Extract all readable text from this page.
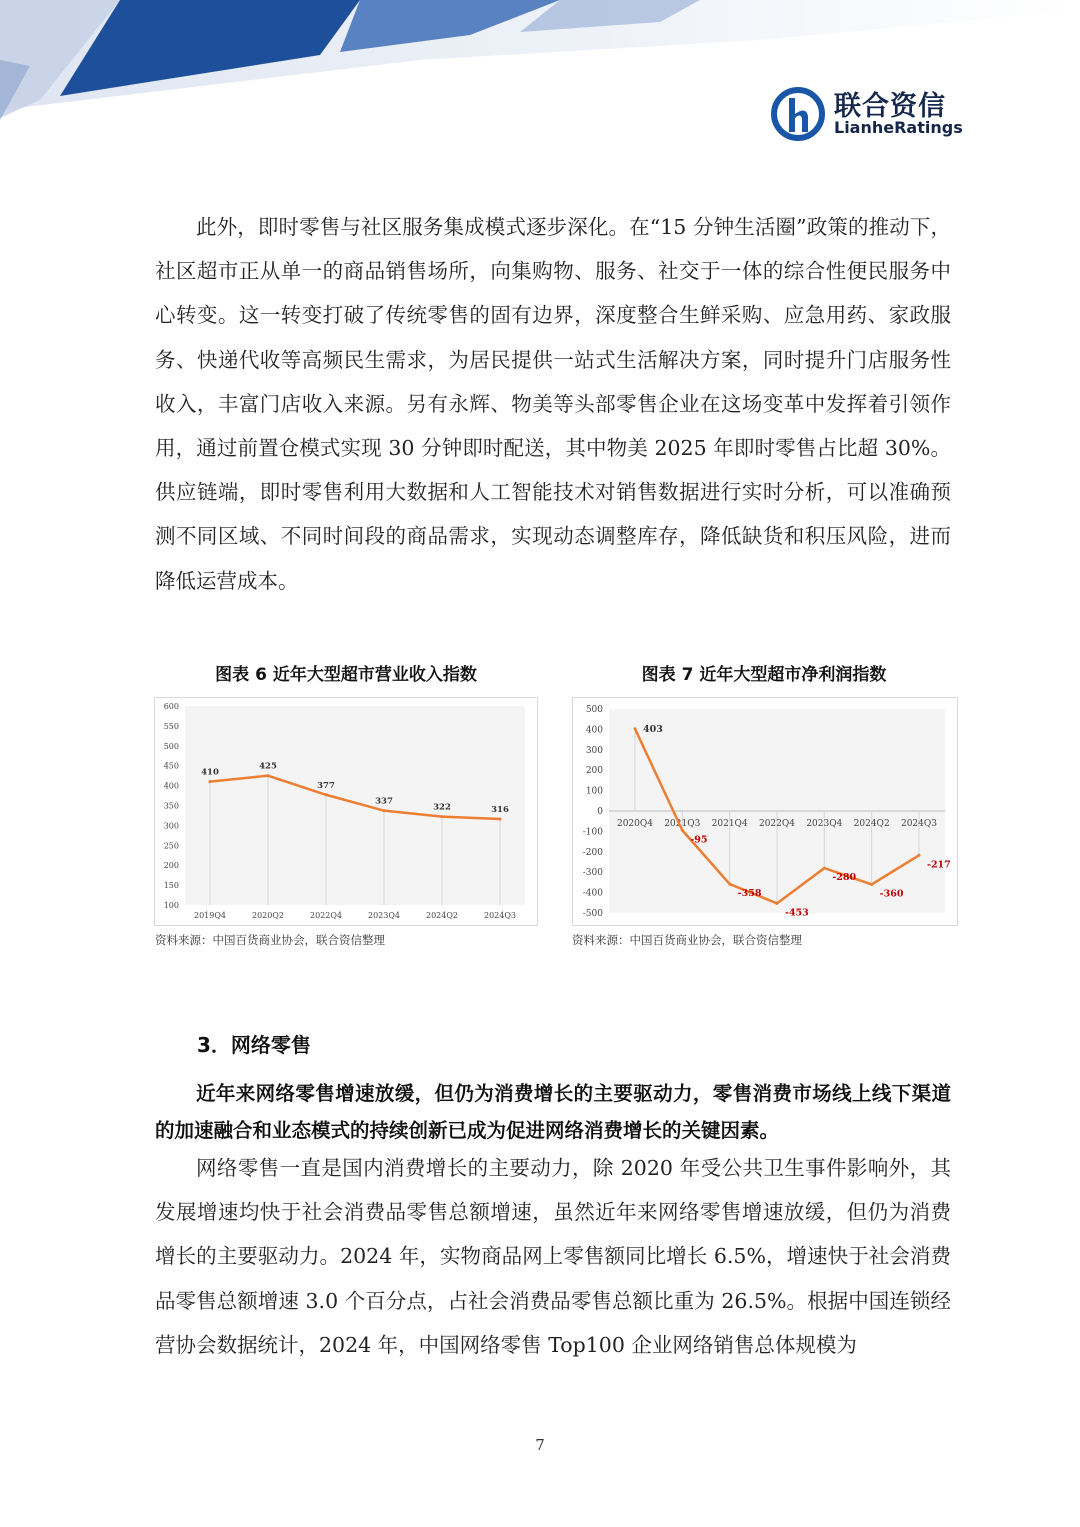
联合资信
LianheRatings

此外，即时零售与社区服务集成模式逐步深化。在“15 分钟生活圈”政策的推动下，社区超市正从单一的商品销售场所，向集购物、服务、社交于一体的综合性便民服务中心转变。这一转变打破了传统零售的固有边界，深度整合生鲜采购、应急用药、家政服务、快递代收等高频民生需求，为居民提供一站式生活解决方案，同时提升门店服务性收入，丰富门店收入来源。另有永辉、物美等头部零售企业在这场变革中发挥着引领作用，通过前置仓模式实现 30 分钟即时配送，其中物美 2025 年即时零售占比超 30%。供应链端，即时零售利用大数据和人工智能技术对销售数据进行实时分析，可以准确预测不同区域、不同时间段的商品需求，实现动态调整库存，降低缺货和积压风险，进而降低运营成本。

图表 6 近年大型超市营业收入指数
600
550
500
450
400
350
300
250
200
150
100
2019Q4	2020Q2	2022Q4	2023Q4	2024Q2	2024Q3
410
425
377
337
322	316
资料来源：中国百货商业协会，联合资信整理
图表 7 近年大型超市净利润指数
500
400
300
200
100
0
-100
-200
-300
-400
-500
2020Q4 2021Q3 2021Q4 2022Q4 2023Q4 2024Q2 2024Q3
403
-95
-358
-453
-280
-360
-217
资料来源：中国百货商业协会，联合资信整理
3．网络零售

近年来网络零售增速放缓，但仍为消费增长的主要驱动力，零售消费市场线上线下渠道的加速融合和业态模式的持续创新已成为促进网络消费增长的关键因素。

网络零售一直是国内消费增长的主要动力，除 2020 年受公共卫生事件影响外，其发展增速均快于社会消费品零售总额增速，虽然近年来网络零售增速放缓，但仍为消费增长的主要驱动力。2024 年，实物商品网上零售额同比增长 6.5%，增速快于社会消费品零售总额增速 3.0 个百分点，占社会消费品零售总额比重为 26.5%。根据中国连锁经营协会数据统计，2024 年，中国网络零售 Top100 企业网络销售总体规模为

7
